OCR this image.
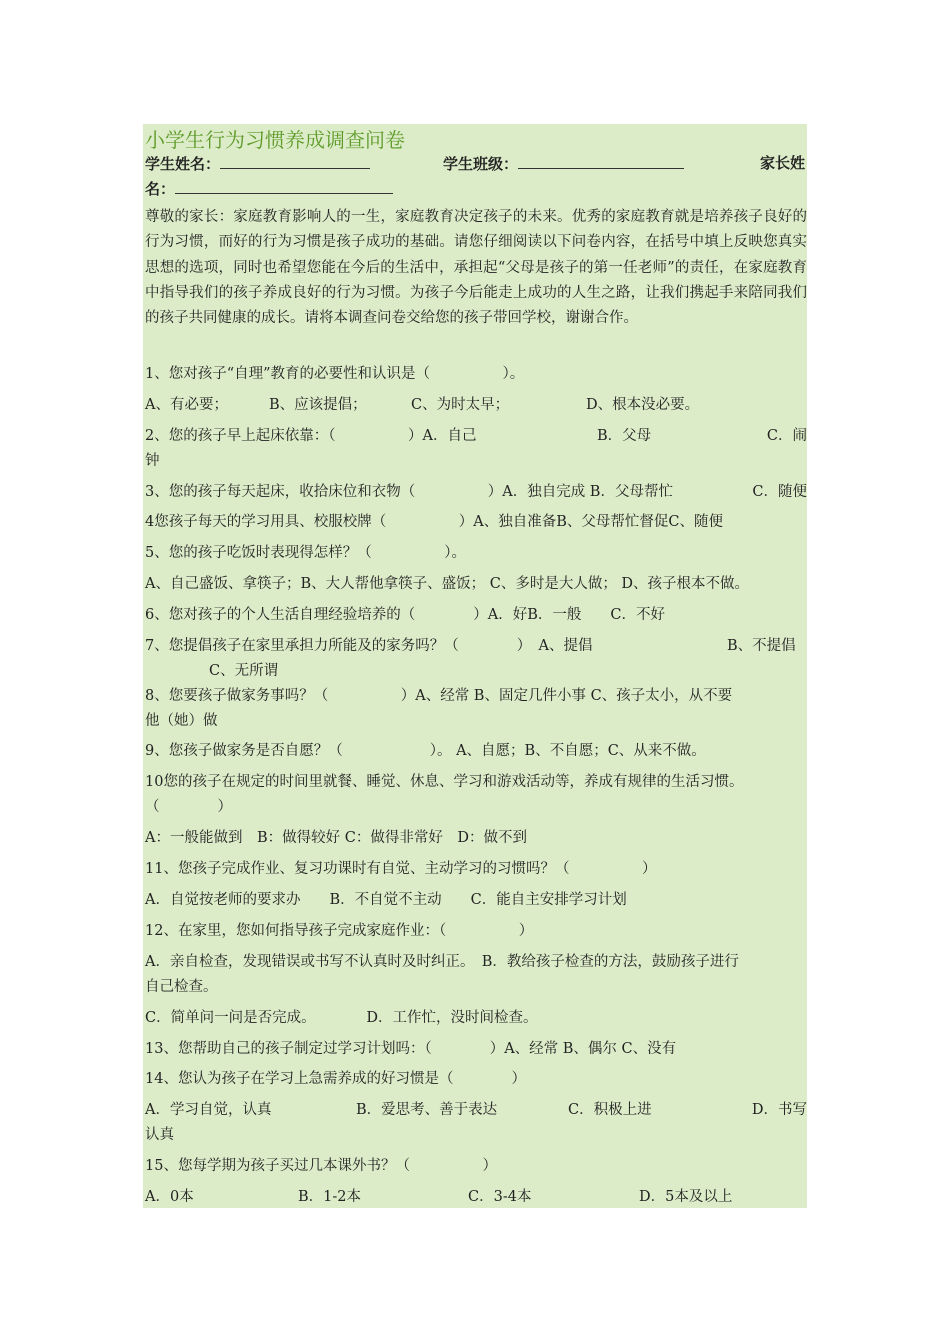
小学生行为习惯养成调查问卷
学生姓名：	学生班级：	家长姓
名：
尊敬的家长：家庭教育影响人的一生，家庭教育决定孩子的未来。优秀的家庭教育就是培养孩子良好的行为习惯，而好的行为习惯是孩子成功的基础。请您仔细阅读以下问卷内容，在括号中填上反映您真实思想的选项，同时也希望您能在今后的生活中，承担起“父母是孩子的第一任老师”的责任，在家庭教育中指导我们的孩子养成良好的行为习惯。为孩子今后能走上成功的人生之路，让我们携起手来陪同我们的孩子共同健康的成长。请将本调查问卷交给您的孩子带回学校，谢谢合作。
1、您对孩子“自理”教育的必要性和认识是（　　　　　）。
A、有必要；	B、应该提倡；	C、为时太早；	D、根本没必要。
2、您的孩子早上起床依靠：（　　　　　）A．自己	B．父母	C．闹
钟
3、您的孩子每天起床，收拾床位和衣物（　　　　　）A．独自完成 B．父母帮忙	C．随便
4您孩子每天的学习用具、校服校牌（　　　　　）A、独自准备B、父母帮忙督促C、随便
5、您的孩子吃饭时表现得怎样？（　　　　　）。
A、自己盛饭、拿筷子；B、大人帮他拿筷子、盛饭； C、多时是大人做； D、孩子根本不做。
6、您对孩子的个人生活自理经验培养的（　　　　）A．好B．一般　　C．不好
7、您提倡孩子在家里承担力所能及的家务吗？（　　　　）　A、提倡	B、不提倡
C、无所谓
8、您要孩子做家务事吗？（　　　　　）A、经常 B、固定几件小事 C、孩子太小，从不要
他（她）做
9、您孩子做家务是否自愿？（　　　　　　）。 A、自愿；B、不自愿；C、从来不做。
10您的孩子在规定的时间里就餐、睡觉、休息、学习和游戏活动等，养成有规律的生活习惯。
（　　　　）
A：一般能做到　B：做得较好 C：做得非常好　D：做不到
11、您孩子完成作业、复习功课时有自觉、主动学习的习惯吗？（　　　　　）
A．自觉按老师的要求办　　B．不自觉不主动　　C．能自主安排学习计划
12、在家里，您如何指导孩子完成家庭作业：（　　　　　）
A．亲自检查，发现错误或书写不认真时及时纠正。　B．教给孩子检查的方法，鼓励孩子进行
自己检查。
C．简单问一问是否完成。　　　　D．工作忙，没时间检查。
13、您帮助自己的孩子制定过学习计划吗：（　　　　）A、经常 B、偶尔 C、没有
14、您认为孩子在学习上急需养成的好习惯是（　　　　）
A．学习自觉，认真	B．爱思考、善于表达	C．积极上进	D．书写
认真
15、您每学期为孩子买过几本课外书？（　　　　　）
A．0本	B．1-2本	C．3-4本	D．5本及以上
